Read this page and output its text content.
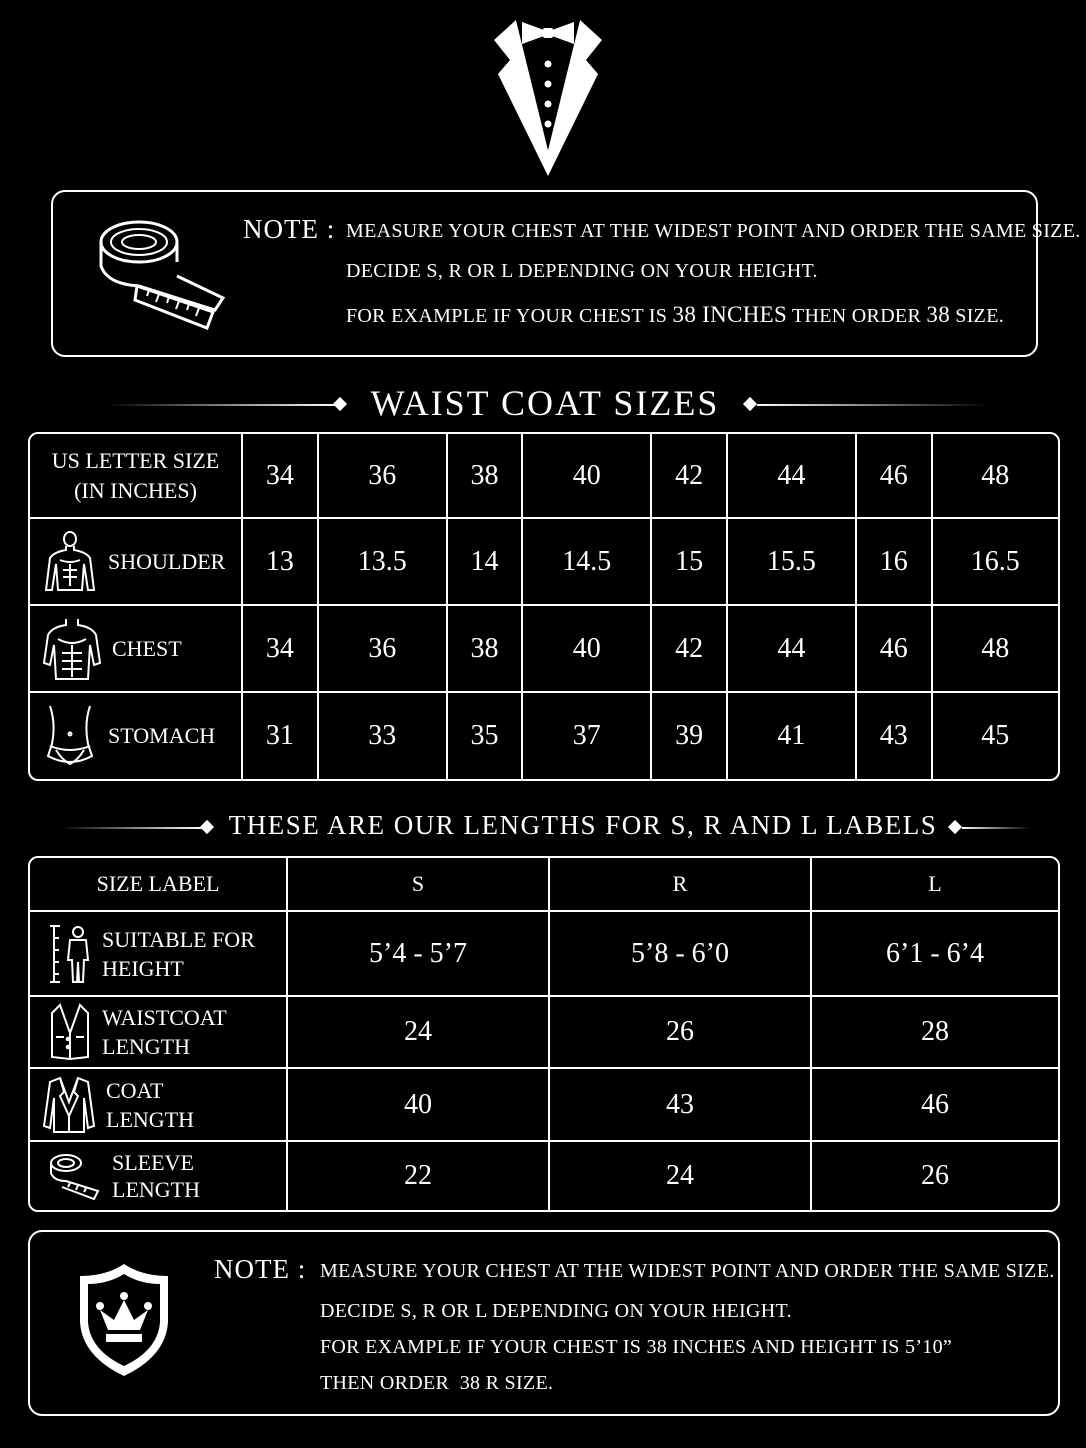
NOTE : MEASURE YOUR CHEST AT THE WIDEST POINT AND ORDER THE SAME SIZE.
DECIDE S, R OR L DEPENDING ON YOUR HEIGHT.
FOR EXAMPLE IF YOUR CHEST IS 38 INCHES THEN ORDER 38 SIZE.
WAIST COAT SIZES
US LETTER SIZE
(IN INCHES)	34	36	38	40	42	44	46	48

SHOULDER	13	13.5	14	14.5	15	15.5	16	16.5

CHEST	34	36	38	40	42	44	46	48

STOMACH	31	33	35	37	39	41	43	45
THESE ARE OUR LENGTHS FOR S, R AND L LABELS
SIZE LABEL	S	R	L

SUITABLE FOR
HEIGHT	5’4 - 5’7	5’8 - 6’0	6’1 - 6’4

WAISTCOAT
LENGTH	24	26	28

COAT
LENGTH	40	43	46

SLEEVE
LENGTH	22	24	26
NOTE : MEASURE YOUR CHEST AT THE WIDEST POINT AND ORDER THE SAME SIZE.
DECIDE S, R OR L DEPENDING ON YOUR HEIGHT.
FOR EXAMPLE IF YOUR CHEST IS 38 INCHES AND HEIGHT IS 5’10”
THEN ORDER  38 R SIZE.
